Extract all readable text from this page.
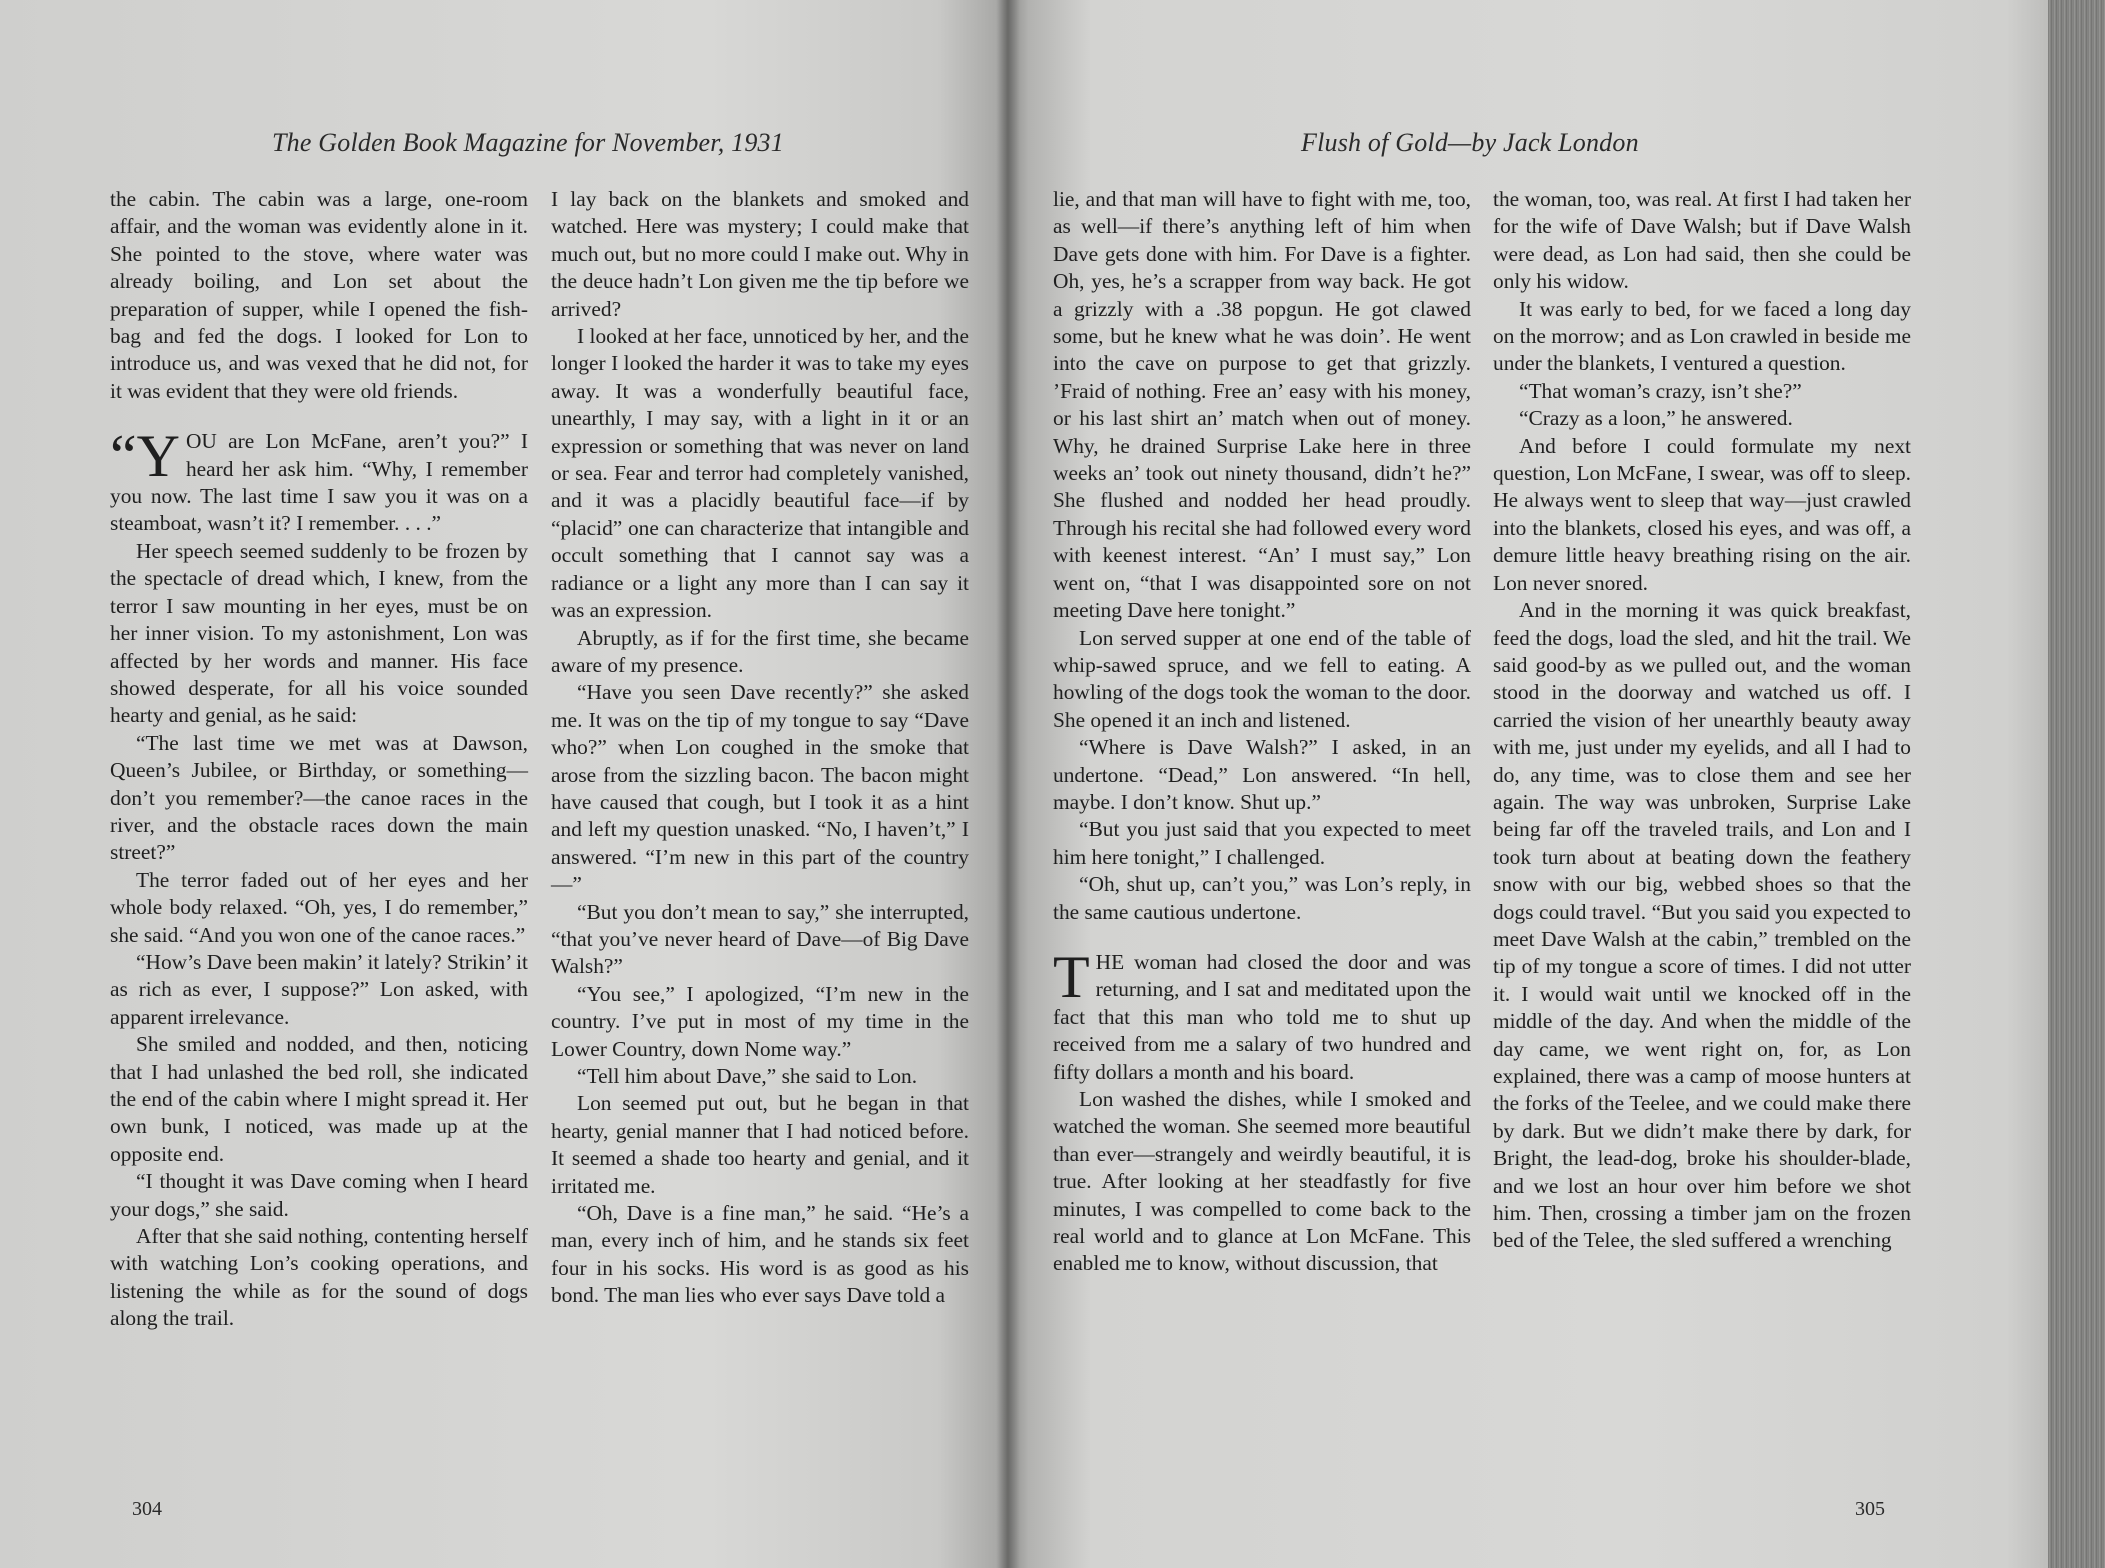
The Golden Book Magazine for November, 1931

the cabin. The cabin was a large, one-room affair, and the woman was evidently alone in it. She pointed to the stove, where water was already boiling, and Lon set about the preparation of supper, while I opened the fish-bag and fed the dogs. I looked for Lon to introduce us, and was vexed that he did not, for it was evident that they were old friends.

“Y OU are Lon McFane, aren’t you?” I heard her ask him. “Why, I remember you now. The last time I saw you it was on a steamboat, wasn’t it? I remember. . . .”

Her speech seemed suddenly to be frozen by the spectacle of dread which, I knew, from the terror I saw mounting in her eyes, must be on her inner vision. To my astonishment, Lon was affected by her words and manner. His face showed desperate, for all his voice sounded hearty and genial, as he said:

“The last time we met was at Dawson, Queen’s Jubilee, or Birthday, or something—don’t you remember?—the canoe races in the river, and the obstacle races down the main street?”

The terror faded out of her eyes and her whole body relaxed. “Oh, yes, I do remember,” she said. “And you won one of the canoe races.”

“How’s Dave been makin’ it lately? Strikin’ it as rich as ever, I suppose?” Lon asked, with apparent irrelevance.

She smiled and nodded, and then, noticing that I had unlashed the bed roll, she indicated the end of the cabin where I might spread it. Her own bunk, I noticed, was made up at the opposite end.

“I thought it was Dave coming when I heard your dogs,” she said.

After that she said nothing, contenting herself with watching Lon’s cooking operations, and listening the while as for the sound of dogs along the trail.

I lay back on the blankets and smoked and watched. Here was mystery; I could make that much out, but no more could I make out. Why in the deuce hadn’t Lon given me the tip before we arrived?

I looked at her face, unnoticed by her, and the longer I looked the harder it was to take my eyes away. It was a wonderfully beautiful face, unearthly, I may say, with a light in it or an expression or something that was never on land or sea. Fear and terror had completely vanished, and it was a placidly beautiful face—if by “placid” one can characterize that intangible and occult something that I cannot say was a radiance or a light any more than I can say it was an expression.

Abruptly, as if for the first time, she became aware of my presence.

“Have you seen Dave recently?” she asked me. It was on the tip of my tongue to say “Dave who?” when Lon coughed in the smoke that arose from the sizzling bacon. The bacon might have caused that cough, but I took it as a hint and left my question unasked. “No, I haven’t,” I answered. “I’m new in this part of the country—”

“But you don’t mean to say,” she interrupted, “that you’ve never heard of Dave—of Big Dave Walsh?”

“You see,” I apologized, “I’m new in the country. I’ve put in most of my time in the Lower Country, down Nome way.”

“Tell him about Dave,” she said to Lon.

Lon seemed put out, but he began in that hearty, genial manner that I had noticed before. It seemed a shade too hearty and genial, and it irritated me.

“Oh, Dave is a fine man,” he said. “He’s a man, every inch of him, and he stands six feet four in his socks. His word is as good as his bond. The man lies who ever says Dave told a

304
Flush of Gold—by Jack London

lie, and that man will have to fight with me, too, as well—if there’s anything left of him when Dave gets done with him. For Dave is a fighter. Oh, yes, he’s a scrapper from way back. He got a grizzly with a .38 popgun. He got clawed some, but he knew what he was doin’. He went into the cave on purpose to get that grizzly. ’Fraid of nothing. Free an’ easy with his money, or his last shirt an’ match when out of money. Why, he drained Surprise Lake here in three weeks an’ took out ninety thousand, didn’t he?” She flushed and nodded her head proudly. Through his recital she had followed every word with keenest interest. “An’ I must say,” Lon went on, “that I was disappointed sore on not meeting Dave here tonight.”

Lon served supper at one end of the table of whip-sawed spruce, and we fell to eating. A howling of the dogs took the woman to the door. She opened it an inch and listened.

“Where is Dave Walsh?” I asked, in an undertone. “Dead,” Lon answered. “In hell, maybe. I don’t know. Shut up.”

“But you just said that you expected to meet him here tonight,” I challenged.

“Oh, shut up, can’t you,” was Lon’s reply, in the same cautious undertone.

THE woman had closed the door and was returning, and I sat and meditated upon the fact that this man who told me to shut up received from me a salary of two hundred and fifty dollars a month and his board.

Lon washed the dishes, while I smoked and watched the woman. She seemed more beautiful than ever—strangely and weirdly beautiful, it is true. After looking at her steadfastly for five minutes, I was compelled to come back to the real world and to glance at Lon McFane. This enabled me to know, without discussion, that

the woman, too, was real. At first I had taken her for the wife of Dave Walsh; but if Dave Walsh were dead, as Lon had said, then she could be only his widow.

It was early to bed, for we faced a long day on the morrow; and as Lon crawled in beside me under the blankets, I ventured a question.

“That woman’s crazy, isn’t she?”

“Crazy as a loon,” he answered.

And before I could formulate my next question, Lon McFane, I swear, was off to sleep. He always went to sleep that way—just crawled into the blankets, closed his eyes, and was off, a demure little heavy breathing rising on the air. Lon never snored.

And in the morning it was quick breakfast, feed the dogs, load the sled, and hit the trail. We said good-by as we pulled out, and the woman stood in the doorway and watched us off. I carried the vision of her unearthly beauty away with me, just under my eyelids, and all I had to do, any time, was to close them and see her again. The way was unbroken, Surprise Lake being far off the traveled trails, and Lon and I took turn about at beating down the feathery snow with our big, webbed shoes so that the dogs could travel. “But you said you expected to meet Dave Walsh at the cabin,” trembled on the tip of my tongue a score of times. I did not utter it. I would wait until we knocked off in the middle of the day. And when the middle of the day came, we went right on, for, as Lon explained, there was a camp of moose hunters at the forks of the Teelee, and we could make there by dark. But we didn’t make there by dark, for Bright, the lead-dog, broke his shoulder-blade, and we lost an hour over him before we shot him. Then, crossing a timber jam on the frozen bed of the Telee, the sled suffered a wrenching

305
